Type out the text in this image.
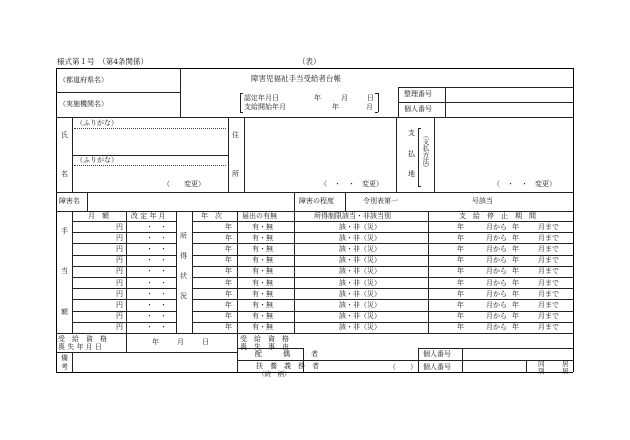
様式第１号　（第4条関係）	（表）
（都道府県名）
（実施機関名）
障害児福祉手当受給者台帳
認定年月日
支給開始年月
年	月	日
年	月
整理番号
個人番号
氏
名
（ふりがな）
（ふりがな）
（　　変更）
住
所
（　・　・　変更）
支
払
地
（支払方法）
（　・　・　変更）
障害名	障害の程度	令別表第一	号該当
月　額	改 定 年 月	年　次	届出の有無	所得制限該当・非該当別	支　給　停　止　期　間
手
当
額
所
得
状
況
円	・　・	年	有・無	該・非（災）	年	月から 年	月まで
円	・　・	年	有・無	該・非（災）	年	月から 年	月まで
円	・　・	年	有・無	該・非（災）	年	月から 年	月まで
円	・　・	年	有・無	該・非（災）	年	月から 年	月まで
円	・　・	年	有・無	該・非（災）	年	月から 年	月まで
円	・　・	年	有・無	該・非（災）	年	月から 年	月まで
円	・　・	年	有・無	該・非（災）	年	月から 年	月まで
円	・　・	年	有・無	該・非（災）	年	月から 年	月まで
円	・　・	年	有・無	該・非（災）	年	月から 年	月まで
円	・　・	年	有・無	該・非（災）	年	月から 年	月まで
受　給　資　格
喪 失 年 月 日
年	月	日	受　給　資　格
喪　失　事　由
備
考
配　　　偶　　　者
扶　養　義　務　者
（続　柄）
（　　）
個人番号
個人番号	同	居
別	居
